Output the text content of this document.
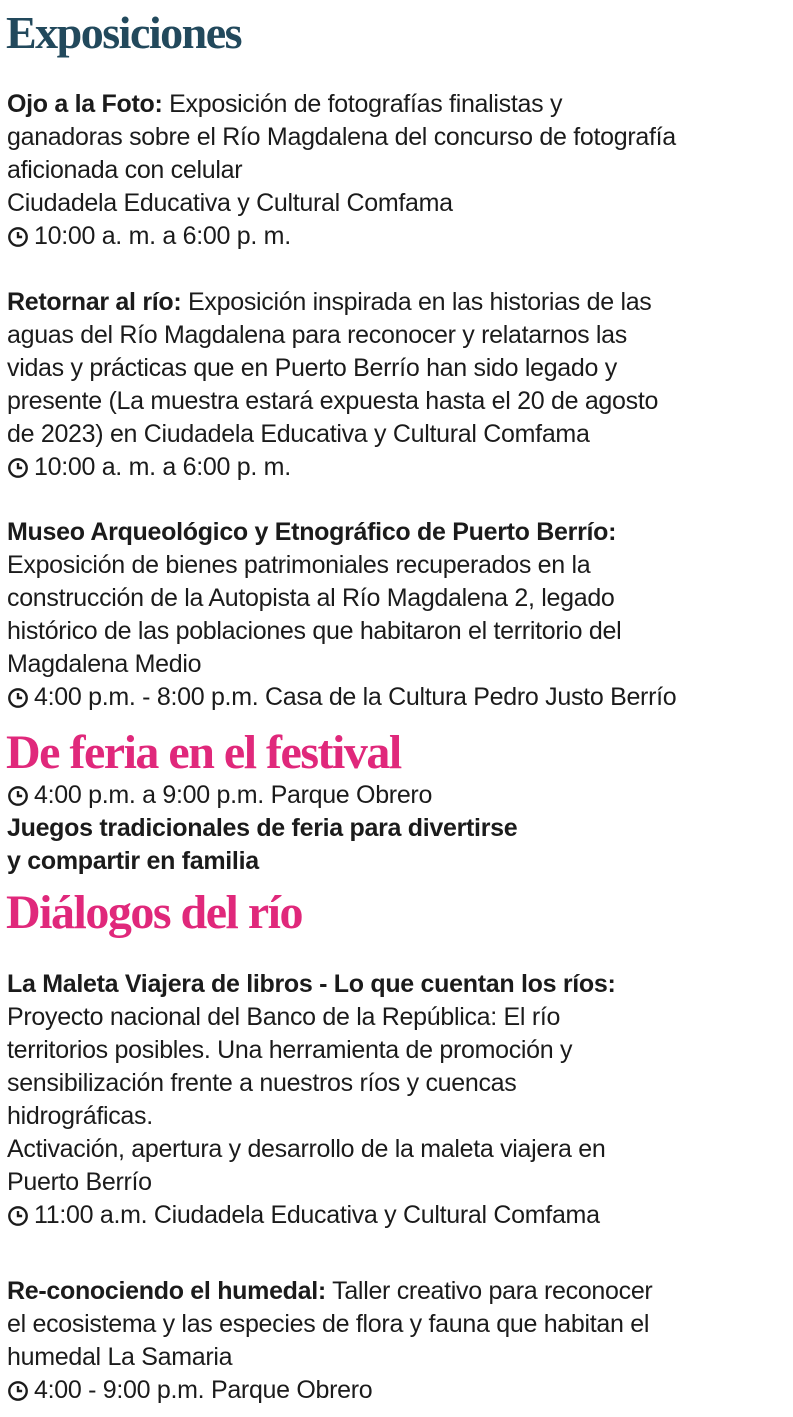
Exposiciones
Ojo a la Foto: Exposición de fotografías finalistas y
ganadoras sobre el Río Magdalena del concurso de fotografía
aficionada con celular
Ciudadela Educativa y Cultural Comfama
10:00 a. m. a 6:00 p. m.
Retornar al río: Exposición inspirada en las historias de las
aguas del Río Magdalena para reconocer y relatarnos las
vidas y prácticas que en Puerto Berrío han sido legado y
presente (La muestra estará expuesta hasta el 20 de agosto
de 2023) en Ciudadela Educativa y Cultural Comfama
10:00 a. m. a 6:00 p. m.
Museo Arqueológico y Etnográfico de Puerto Berrío:
Exposición de bienes patrimoniales recuperados en la
construcción de la Autopista al Río Magdalena 2, legado
histórico de las poblaciones que habitaron el territorio del
Magdalena Medio
4:00 p.m. - 8:00 p.m. Casa de la Cultura Pedro Justo Berrío
De feria en el festival
4:00 p.m. a 9:00 p.m. Parque Obrero
Juegos tradicionales de feria para divertirse
y compartir en familia
Diálogos del río
La Maleta Viajera de libros - Lo que cuentan los ríos:
Proyecto nacional del Banco de la República: El río
territorios posibles. Una herramienta de promoción y
sensibilización frente a nuestros ríos y cuencas
hidrográficas.
Activación, apertura y desarrollo de la maleta viajera en
Puerto Berrío
11:00 a.m. Ciudadela Educativa y Cultural Comfama
Re-conociendo el humedal: Taller creativo para reconocer
el ecosistema y las especies de flora y fauna que habitan el
humedal La Samaria
4:00 - 9:00 p.m. Parque Obrero
